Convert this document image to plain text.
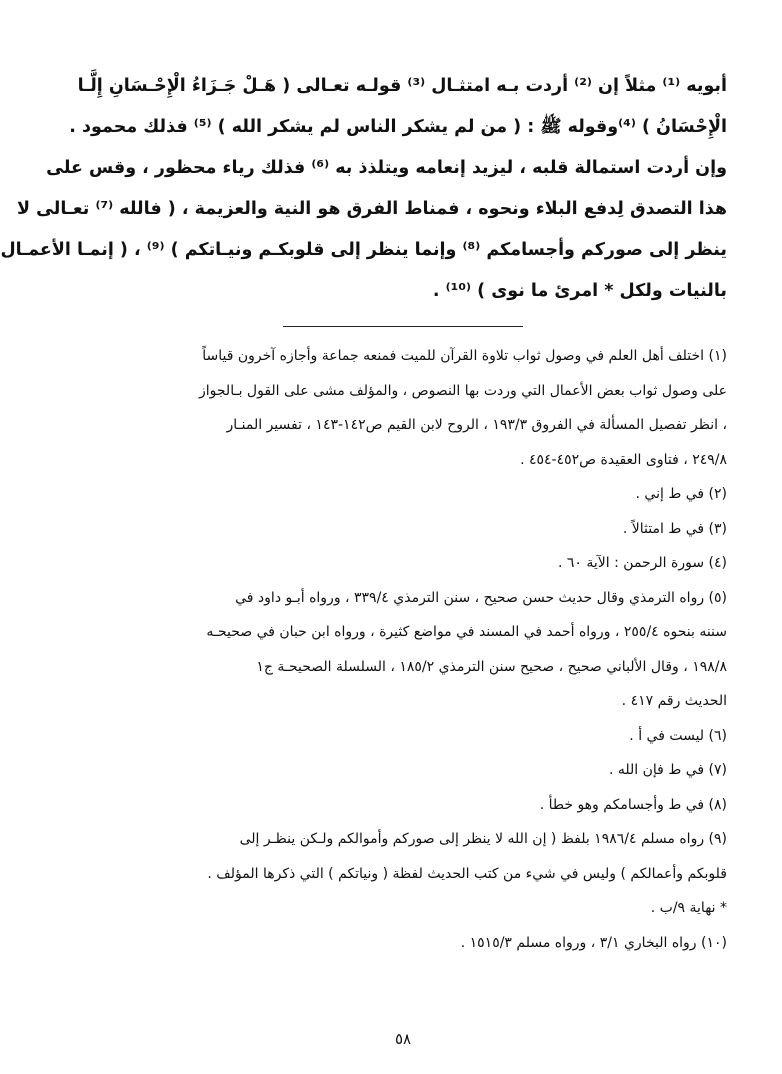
أبويه ⁽¹⁾ مثلاً إن ⁽²⁾ أردت بـه امتثـال ⁽³⁾ قولـه تعـالى ( هَـلْ جَـزَاءُ الْإِحْـسَانِ إِلَّـا
الْإِحْسَانُ ) ⁽⁴⁾وقوله ﷺ : ( من لم يشكر الناس لم يشكر الله ) ⁽⁵⁾ فذلك محمود .
وإن أردت استمالة قلبه ، ليزيد إنعامه ويتلذذ به ⁽⁶⁾ فذلك رياء محظور ، وقس على
هذا التصدق لِدفع البلاء ونحوه ، فمناط الفرق هو النية والعزيمة ، ( فالله ⁽⁷⁾ تعـالى لا
ينظر إلى صوركم وأجسامكم ⁽⁸⁾ وإنما ينظر إلى قلوبكـم ونيـاتكم ) ⁽⁹⁾ ، ( إنمـا الأعمـال
بالنيات ولكل * امرئ ما نوى ) ⁽¹⁰⁾ .
(١) اختلف أهل العلم في وصول ثواب تلاوة القرآن للميت فمنعه جماعة وأجازه آخرون قياساً
على وصول ثواب بعض الأعمال التي وردت بها النصوص ، والمؤلف مشى على القول بـالجواز
، انظر تفصيل المسألة في الفروق ١٩٣/٣ ، الروح لابن القيم ص١٤٢-١٤٣ ، تفسير المنـار
٢٤٩/٨ ، فتاوى العقيدة ص٤٥٢-٤٥٤ .
(٢) في ط إني .
(٣) في ط امتثالاً .
(٤) سورة الرحمن : الآية ٦٠ .
(٥) رواه الترمذي وقال حديث حسن صحيح ، سنن الترمذي ٣٣٩/٤ ، ورواه أبـو داود في
سننه بنحوه ٢٥٥/٤ ، ورواه أحمد في المسند في مواضع كثيرة ، ورواه ابن حبان في صحيحـه
١٩٨/٨ ، وقال الألباني صحيح ، صحيح سنن الترمذي ١٨٥/٢ ، السلسلة الصحيحـة ج١
الحديث رقم ٤١٧ .
(٦) ليست في أ .
(٧) في ط فإن الله .
(٨) في ط وأجسامكم وهو خطأ .
(٩) رواه مسلم ١٩٨٦/٤ بلفظ ( إن الله لا ينظر إلى صوركم وأموالكم ولـكن ينظـر إلى
قلوبكم وأعمالكم ) وليس في شيء من كتب الحديث لفظة ( ونياتكم ) التي ذكرها المؤلف .
* نهاية ٩/ب .
(١٠) رواه البخاري ٣/١ ، ورواه مسلم ١٥١٥/٣ .
٥٨
